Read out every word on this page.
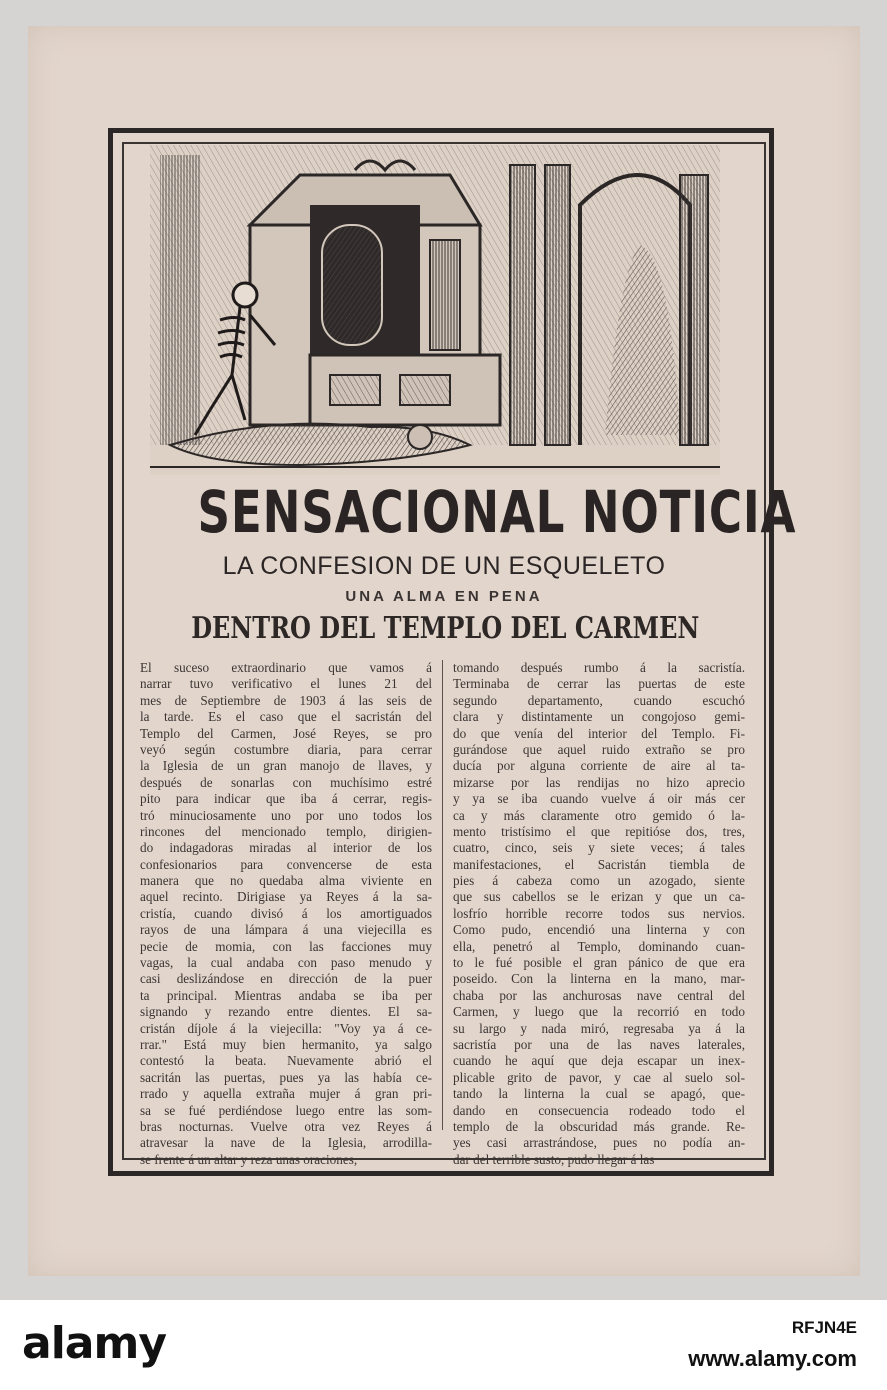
SENSACIONAL NOTICIA
LA CONFESION DE UN ESQUELETO
UNA ALMA EN PENA
DENTRO DEL TEMPLO DEL CARMEN
El suceso extraordinario que vamos á
narrar tuvo verificativo el lunes 21 del
mes de Septiembre de 1903 á las seis de
la tarde. Es el caso que el sacristán del
Templo del Carmen, José Reyes, se pro
veyó según costumbre diaria, para cerrar
la Iglesia de un gran manojo de llaves, y
después de sonarlas con muchísimo estré
pito para indicar que iba á cerrar, regis-
tró minuciosamente uno por uno todos los
rincones del mencionado templo, dirigien-
do indagadoras miradas al interior de los
confesionarios para convencerse de esta
manera que no quedaba alma viviente en
aquel recinto. Dirigiase ya Reyes á la sa-
cristía, cuando divisó á los amortiguados
rayos de una lámpara á una viejecilla es
pecie de momia, con las facciones muy
vagas, la cual andaba con paso menudo y
casi deslizándose en dirección de la puer
ta principal. Mientras andaba se iba per
signando y rezando entre dientes. El sa-
cristán díjole á la viejecilla: "Voy ya á ce-
rrar." Está muy bien hermanito, ya salgo
contestó la beata. Nuevamente abrió el
sacritán las puertas, pues ya las había ce-
rrado y aquella extraña mujer á gran pri-
sa se fué perdiéndose luego entre las som-
bras nocturnas. Vuelve otra vez Reyes á
atravesar la nave de la Iglesia, arrodilla-
se frente á un altar y reza unas oraciones,
tomando después rumbo á la sacristía.
Terminaba de cerrar las puertas de este
segundo departamento, cuando escuchó
clara y distintamente un congojoso gemi-
do que venía del interior del Templo. Fi-
gurándose que aquel ruido extraño se pro
ducía por alguna corriente de aire al ta-
mizarse por las rendijas no hizo aprecio
y ya se iba cuando vuelve á oir más cer
ca y más claramente otro gemido ó la-
mento tristísimo el que repitióse dos, tres,
cuatro, cinco, seis y siete veces; á tales
manifestaciones, el Sacristán tiembla de
pies á cabeza como un azogado, siente
que sus cabellos se le erizan y que un ca-
losfrío horrible recorre todos sus nervios.
Como pudo, encendió una linterna y con
ella, penetró al Templo, dominando cuan-
to le fué posible el gran pánico de que era
poseido. Con la linterna en la mano, mar-
chaba por las anchurosas nave central del
Carmen, y luego que la recorrió en todo
su largo y nada miró, regresaba ya á la
sacristía por una de las naves laterales,
cuando he aquí que deja escapar un inex-
plicable grito de pavor, y cae al suelo sol-
tando la linterna la cual se apagó, que-
dando en consecuencia rodeado todo el
templo de la obscuridad más grande. Re-
yes casi arrastrándose, pues no podía an-
dar del terrible susto, pudo llegar á las
alamy	RFJN4E
www.alamy.com
